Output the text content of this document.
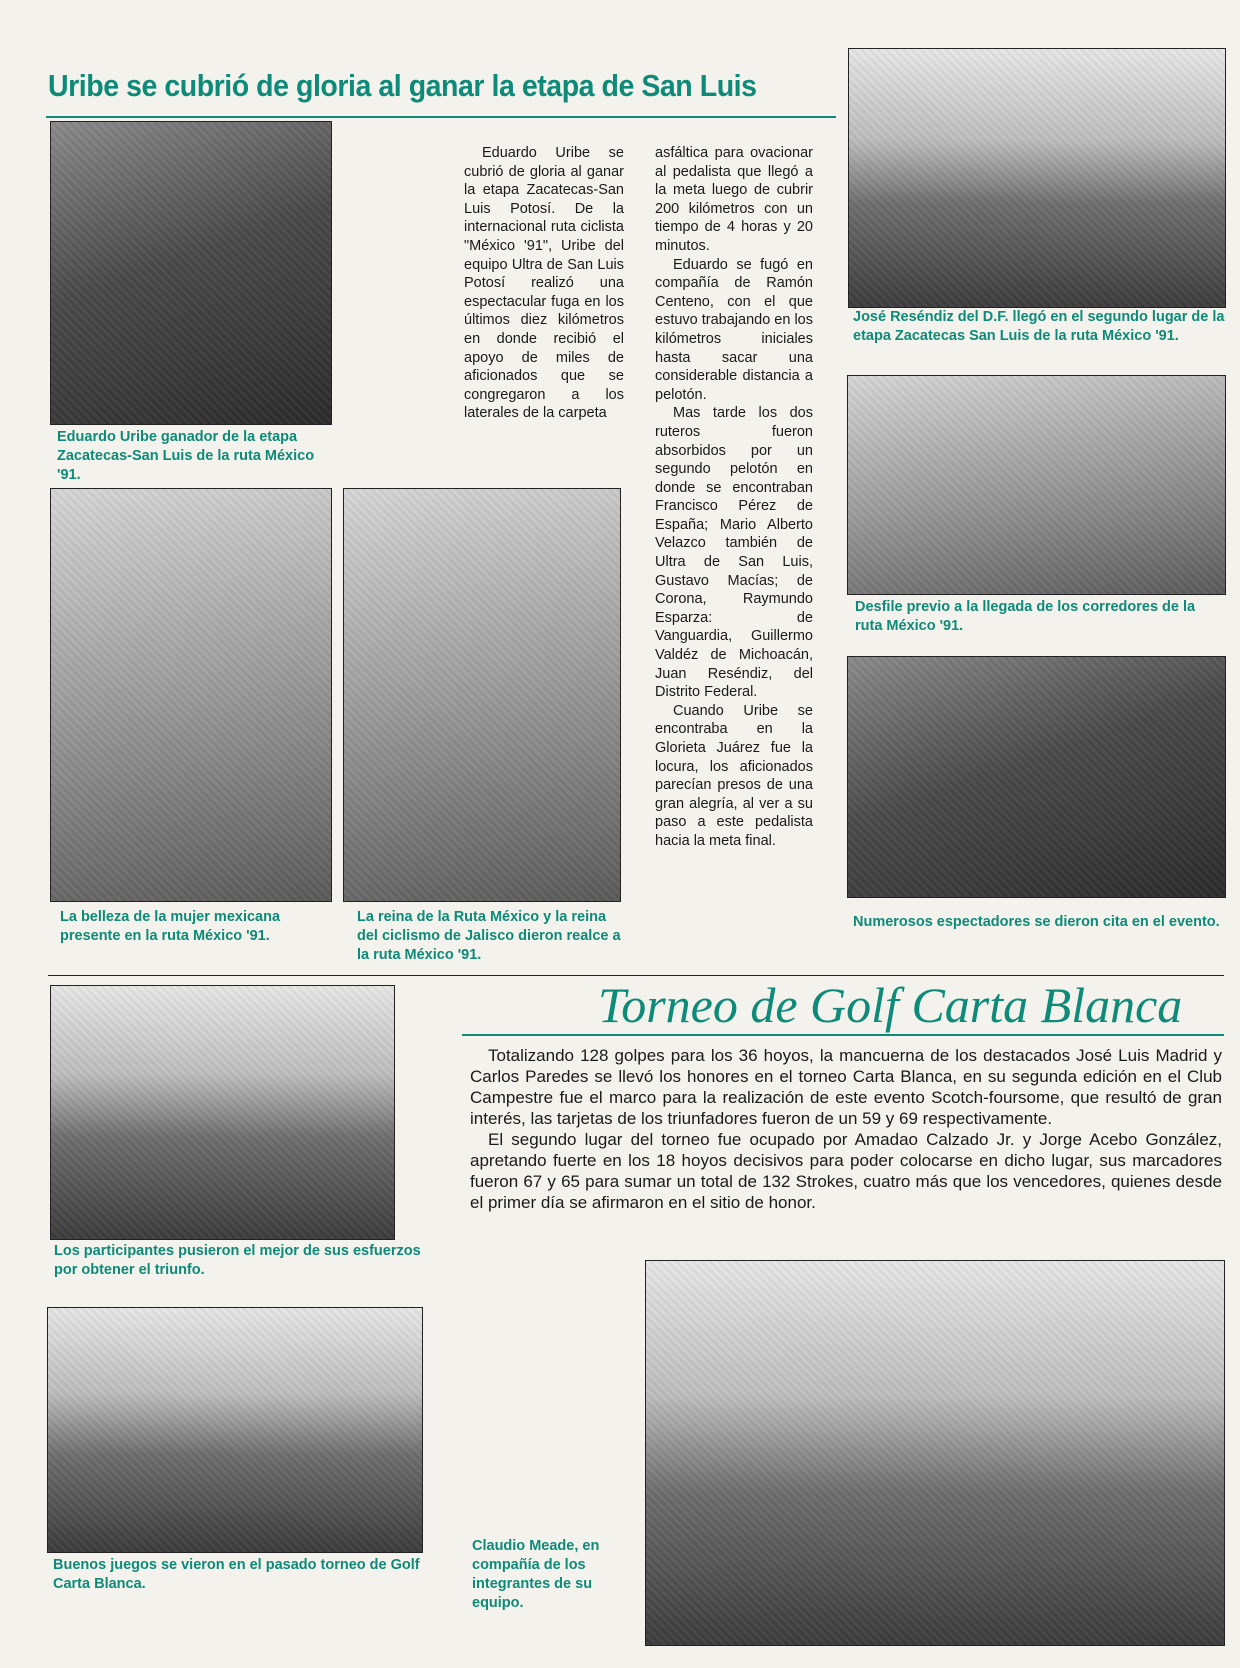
Uribe se cubrió de gloria al ganar la etapa de San Luis
Eduardo Uribe ganador de la etapa Zacatecas-San Luis de la ruta México '91.

Eduardo Uribe se cubrió de gloria al ganar la etapa Zacatecas-San Luis Potosí. De la internacional ruta ciclista "México '91", Uribe del equipo Ultra de San Luis Potosí realizó una espectacular fuga en los últimos diez kilómetros en donde recibió el apoyo de miles de aficionados que se congregaron a los laterales de la carpeta

asfáltica para ovacionar al pedalista que llegó a la meta luego de cubrir 200 kilómetros con un tiempo de 4 horas y 20 minutos.

Eduardo se fugó en compañía de Ramón Centeno, con el que estuvo trabajando en los kilómetros iniciales hasta sacar una considerable distancia a pelotón.

Mas tarde los dos ruteros fueron absorbidos por un segundo pelotón en donde se encontraban Francisco Pérez de España; Mario Alberto Velazco también de Ultra de San Luis, Gustavo Macías; de Corona, Raymundo Esparza: de Vanguardia, Guillermo Valdéz de Michoacán, Juan Reséndiz, del Distrito Federal.

Cuando Uribe se encontraba en la Glorieta Juárez fue la locura, los aficionados parecían presos de una gran alegría, al ver a su paso a este pedalista hacia la meta final.

José Reséndiz del D.F. llegó en el segundo lugar de la etapa Zacatecas San Luis de la ruta México '91.
Desfile previo a la llegada de los corredores de la ruta México '91.
Numerosos espectadores se dieron cita en el evento.
La belleza de la mujer mexicana presente en la ruta México '91.
La reina de la Ruta México y la reina del ciclismo de Jalisco dieron realce a la ruta México '91.
Torneo de Golf Carta Blanca

Totalizando 128 golpes para los 36 hoyos, la mancuerna de los destacados José Luis Madrid y Carlos Paredes se llevó los honores en el torneo Carta Blanca, en su segunda edición en el Club Campestre fue el marco para la realización de este evento Scotch-foursome, que resultó de gran interés, las tarjetas de los triunfadores fueron de un 59 y 69 respectivamente.

El segundo lugar del torneo fue ocupado por Amadao Calzado Jr. y Jorge Acebo González, apretando fuerte en los 18 hoyos decisivos para poder colocarse en dicho lugar, sus marcadores fueron 67 y 65 para sumar un total de 132 Strokes, cuatro más que los vencedores, quienes desde el primer día se afirmaron en el sitio de honor.

Los participantes pusieron el mejor de sus esfuerzos por obtener el triunfo.
Buenos juegos se vieron en el pasado torneo de Golf Carta Blanca.
Claudio Meade, en compañía de los integrantes de su equipo.
